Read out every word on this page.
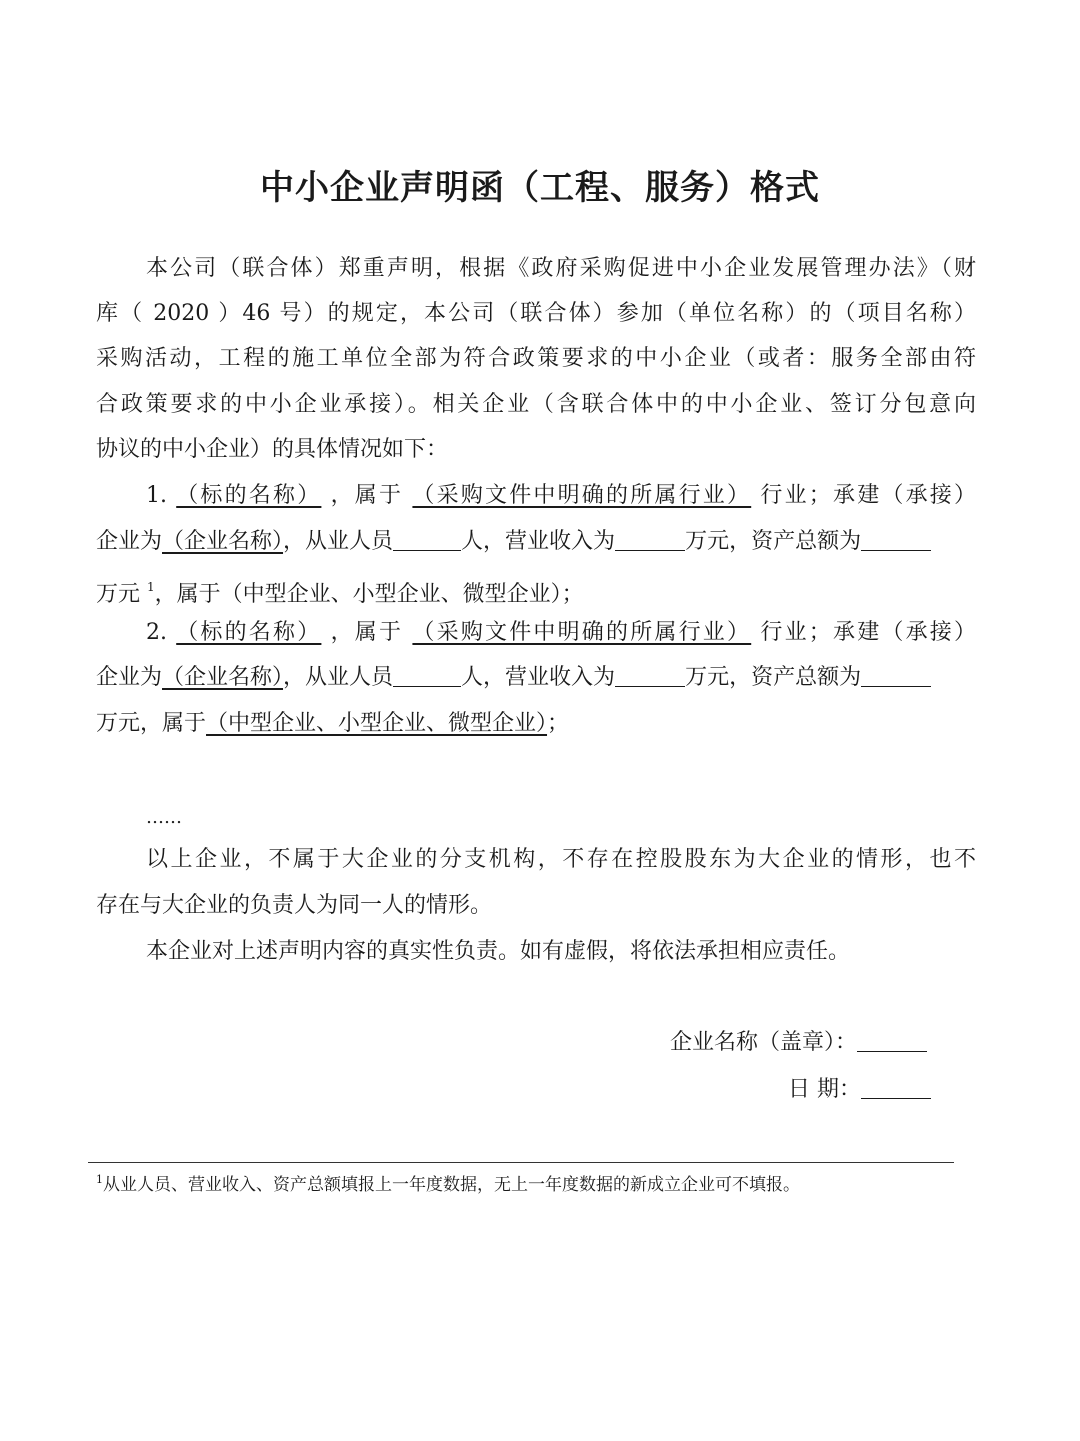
中小企业声明函（工程、服务）格式
本公司（联合体）郑重声明，根据《政府采购促进中小企业发展管理办法》（财
库（ 2020 ）46 号）的规定，本公司（联合体）参加（单位名称）的（项目名称）
采购活动，工程的施工单位全部为符合政策要求的中小企业（或者：服务全部由符
合政策要求的中小企业承接）。相关企业（含联合体中的中小企业、签订分包意向
协议的中小企业）的具体情况如下：
1. （标的名称） ，属于 （采购文件中明确的所属行业） 行业；承建（承接）
企业为（企业名称），从业人员	人，营业收入为	万元，资产总额为
万元 $^1$，属于（中型企业、小型企业、微型企业）；
2. （标的名称） ，属于 （采购文件中明确的所属行业） 行业；承建（承接）
企业为（企业名称），从业人员	人，营业收入为	万元，资产总额为
万元，属于（中型企业、小型企业、微型企业）；
……
以上企业，不属于大企业的分支机构，不存在控股股东为大企业的情形，也不
存在与大企业的负责人为同一人的情形。
本企业对上述声明内容的真实性负责。如有虚假，将依法承担相应责任。
企业名称（盖章）：
日 期：
$^1$从业人员、营业收入、资产总额填报上一年度数据，无上一年度数据的新成立企业可不填报。
